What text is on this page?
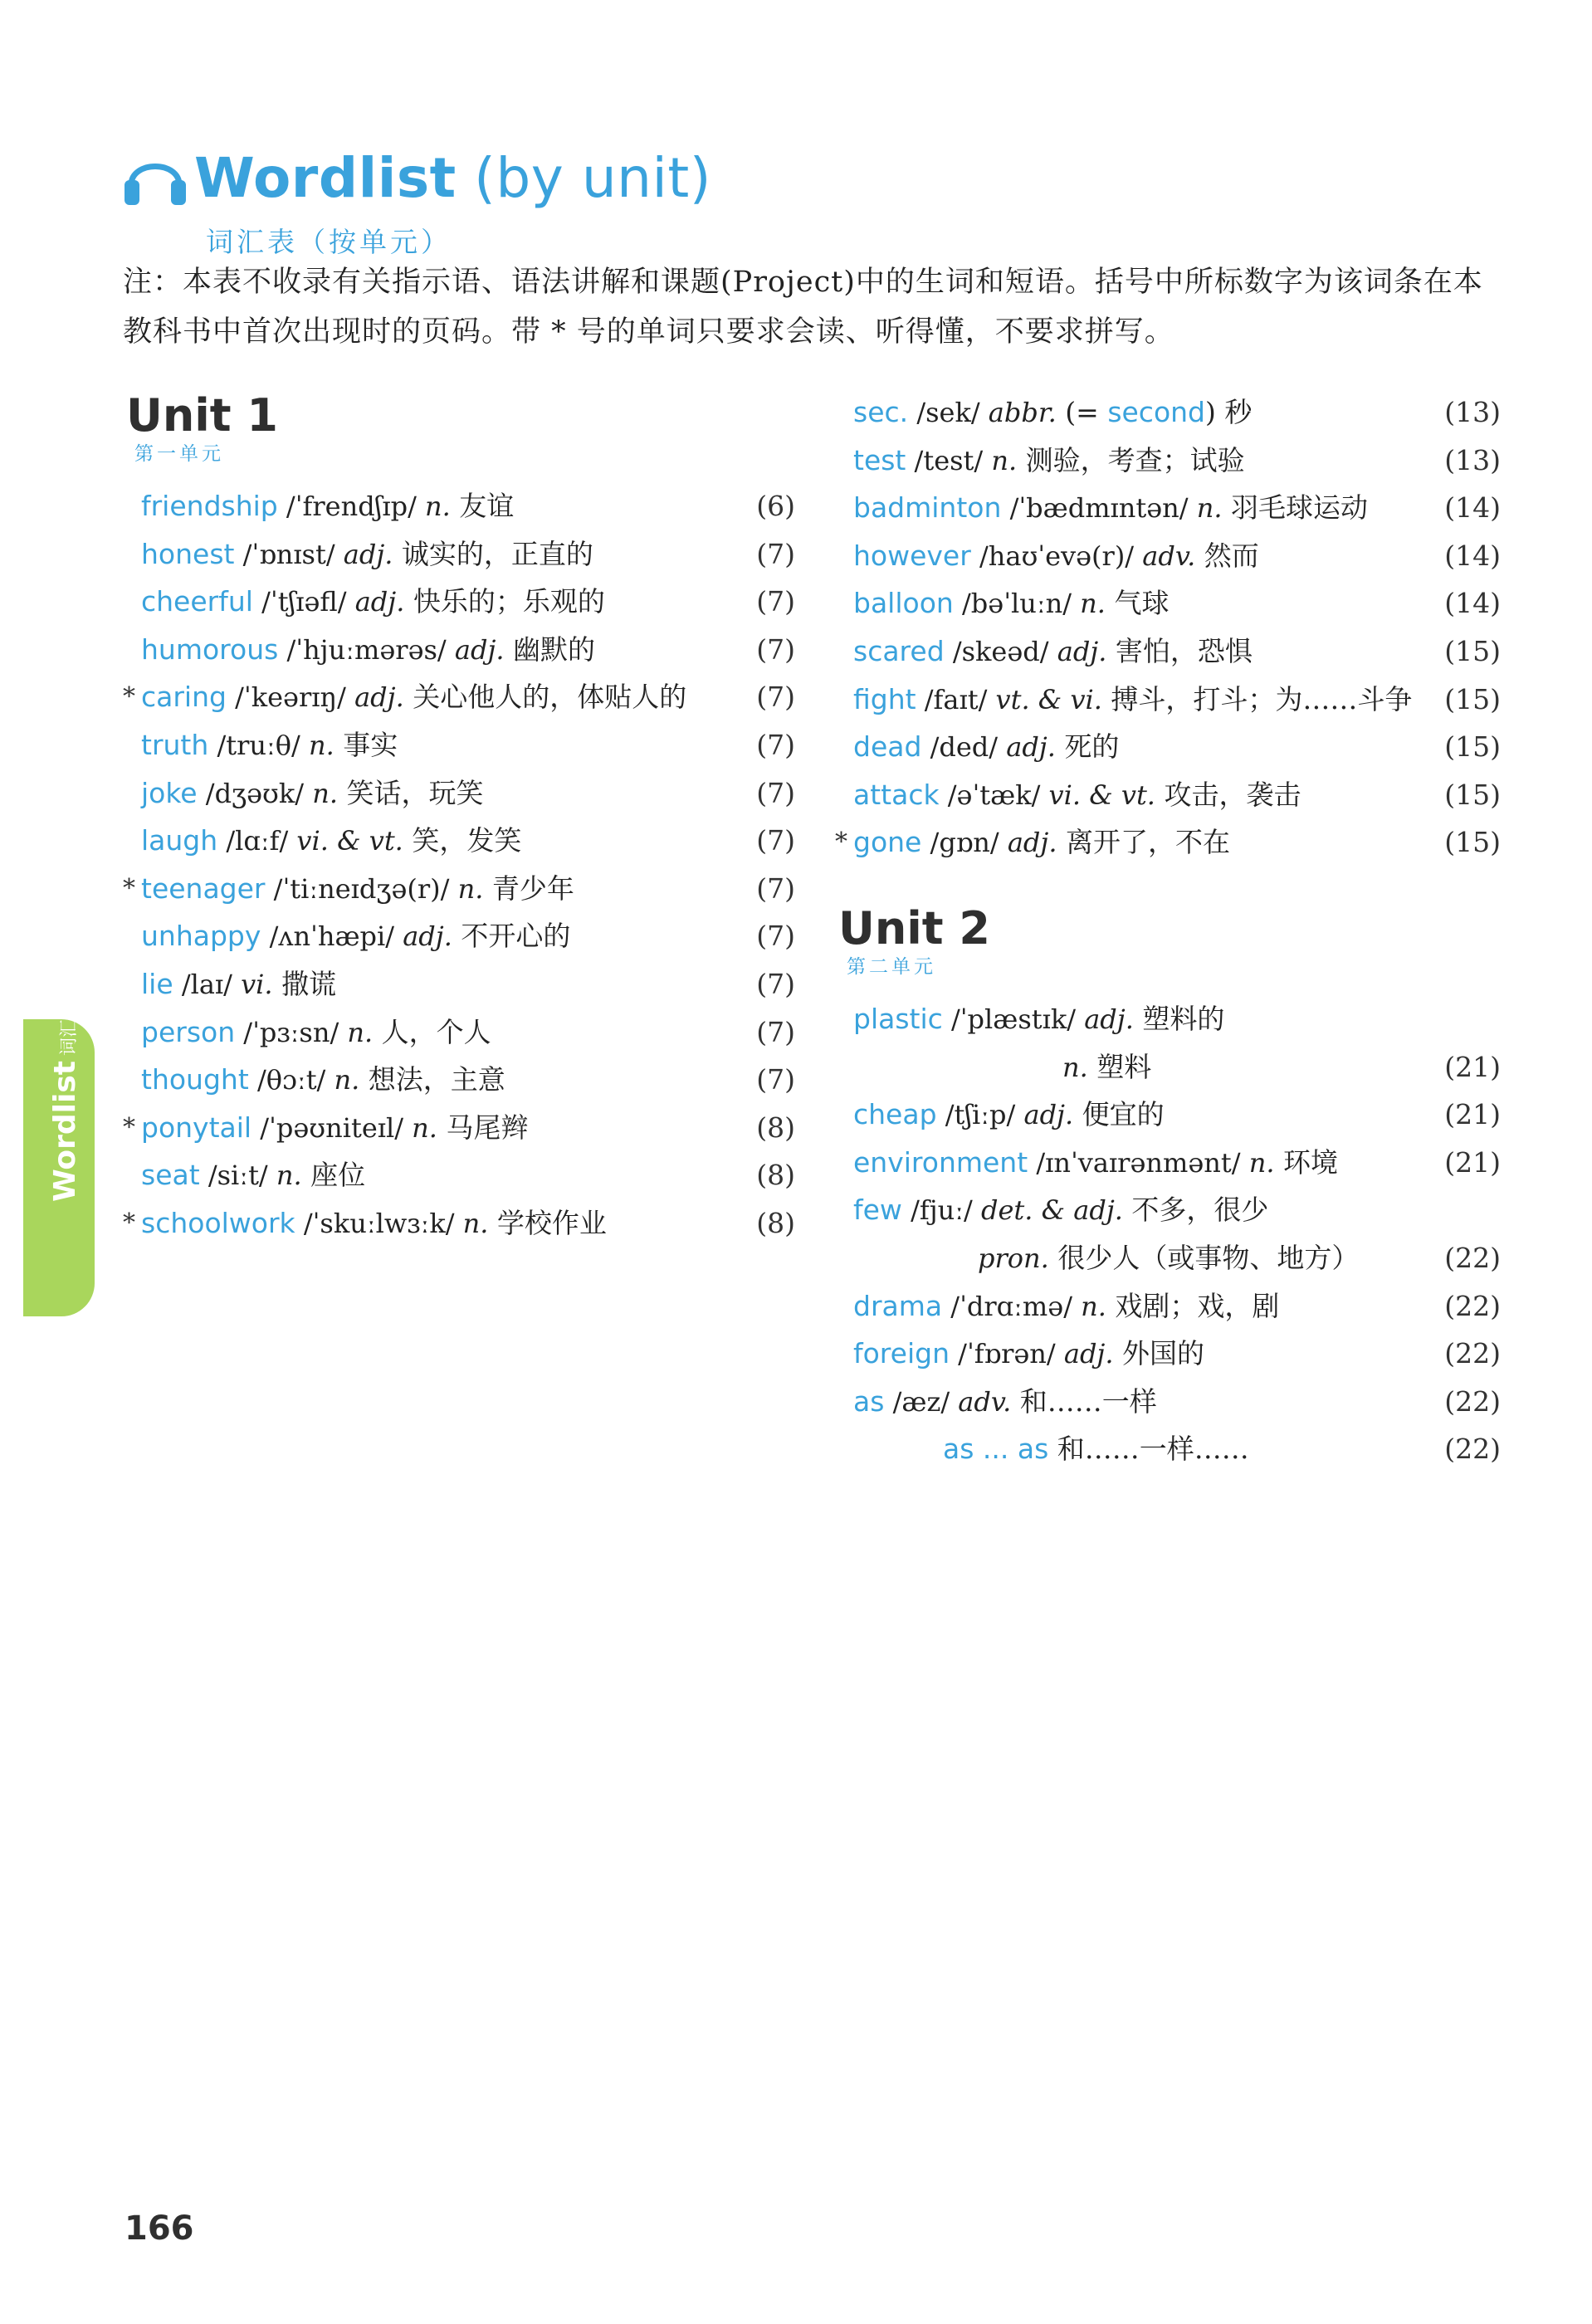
Wordlist (by unit)
词汇表（按单元）
注：本表不收录有关指示语、语法讲解和课题(Project)中的生词和短语。括号中所标数字为该词条在本教科书中首次出现时的页码。带 * 号的单词只要求会读、听得懂，不要求拼写。
Unit 1
第一单元
friendship /ˈfrendʃɪp/ n. 友谊	(6)
honest /ˈɒnɪst/ adj. 诚实的，正直的	(7)
cheerful /ˈtʃɪəfl/ adj. 快乐的；乐观的	(7)
humorous /ˈhjuːmərəs/ adj. 幽默的	(7)
* caring /ˈkeərɪŋ/ adj. 关心他人的，体贴人的	(7)
truth /truːθ/ n. 事实	(7)
joke /dʒəʊk/ n. 笑话，玩笑	(7)
laugh /lɑːf/ vi. & vt. 笑，发笑	(7)
* teenager /ˈtiːneɪdʒə(r)/ n. 青少年	(7)
unhappy /ʌnˈhæpi/ adj. 不开心的	(7)
lie /laɪ/ vi. 撒谎	(7)
person /ˈpɜːsn/ n. 人，个人	(7)
thought /θɔːt/ n. 想法，主意	(7)
* ponytail /ˈpəʊniteɪl/ n. 马尾辫	(8)
seat /siːt/ n. 座位	(8)
* schoolwork /ˈskuːlwɜːk/ n. 学校作业	(8)
sec. /sek/ abbr. (= second) 秒	(13)
test /test/ n. 测验，考查；试验	(13)
badminton /ˈbædmɪntən/ n. 羽毛球运动	(14)
however /haʊˈevə(r)/ adv. 然而	(14)
balloon /bəˈluːn/ n. 气球	(14)
scared /skeəd/ adj. 害怕，恐惧	(15)
fight /faɪt/ vt. & vi. 搏斗，打斗；为……斗争	(15)
dead /ded/ adj. 死的	(15)
attack /əˈtæk/ vi. & vt. 攻击，袭击	(15)
* gone /gɒn/ adj. 离开了，不在	(15)
Unit 2
第二单元
plastic /ˈplæstɪk/ adj. 塑料的
n. 塑料	(21)
cheap /tʃiːp/ adj. 便宜的	(21)
environment /ɪnˈvaɪrənmənt/ n. 环境	(21)
few /fjuː/ det. & adj. 不多，很少
pron. 很少人（或事物、地方）	(22)
drama /ˈdrɑːmə/ n. 戏剧；戏，剧	(22)
foreign /ˈfɒrən/ adj. 外国的	(22)
as /æz/ adv. 和……一样	(22)
as ... as 和……一样……	(22)
Wordlist词汇表
166
